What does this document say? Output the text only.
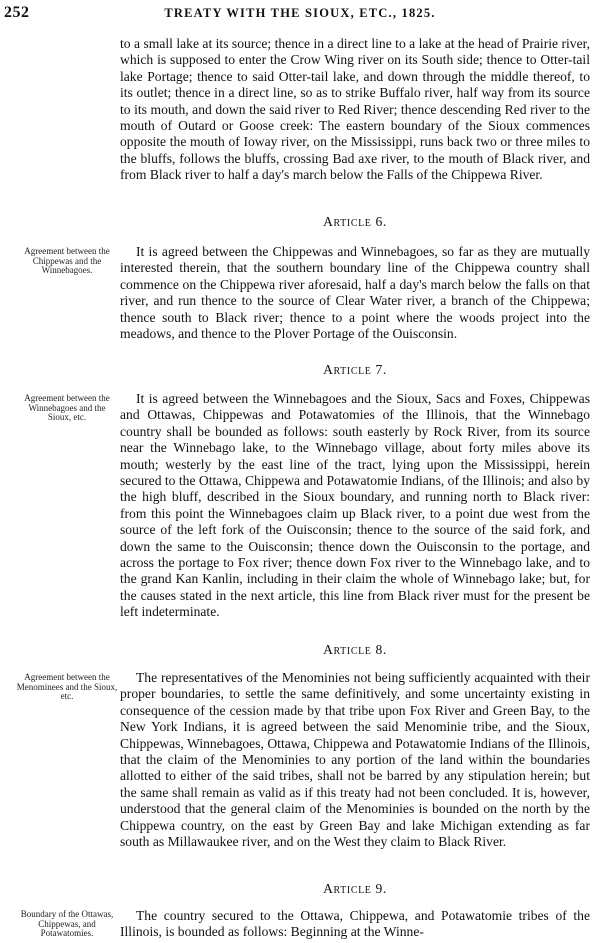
252	TREATY WITH THE SIOUX, ETC., 1825.
to a small lake at its source; thence in a direct line to a lake at the head of Prairie river, which is supposed to enter the Crow Wing river on its South side; thence to Otter-tail lake Portage; thence to said Otter-tail lake, and down through the middle thereof, to its outlet; thence in a direct line, so as to strike Buffalo river, half way from its source to its mouth, and down the said river to Red River; thence descending Red river to the mouth of Outard or Goose creek: The eastern boundary of the Sioux commences opposite the mouth of Ioway river, on the Mississippi, runs back two or three miles to the bluffs, follows the bluffs, crossing Bad axe river, to the mouth of Black river, and from Black river to half a day's march below the Falls of the Chippewa River.
Article 6.
Agreement between the Chippewas and the Winnebagoes.
It is agreed between the Chippewas and Winnebagoes, so far as they are mutually interested therein, that the southern boundary line of the Chippewa country shall commence on the Chippewa river aforesaid, half a day's march below the falls on that river, and run thence to the source of Clear Water river, a branch of the Chippewa; thence south to Black river; thence to a point where the woods project into the meadows, and thence to the Plover Portage of the Ouisconsin.
Article 7.
Agreement between the Winnebagoes and the Sioux, etc.
It is agreed between the Winnebagoes and the Sioux, Sacs and Foxes, Chippewas and Ottawas, Chippewas and Potawatomies of the Illinois, that the Winnebago country shall be bounded as follows: south easterly by Rock River, from its source near the Winnebago lake, to the Winnebago village, about forty miles above its mouth; westerly by the east line of the tract, lying upon the Mississippi, herein secured to the Ottawa, Chippewa and Potawatomie Indians, of the Illinois; and also by the high bluff, described in the Sioux boundary, and running north to Black river: from this point the Winnebagoes claim up Black river, to a point due west from the source of the left fork of the Ouisconsin; thence to the source of the said fork, and down the same to the Ouisconsin; thence down the Ouisconsin to the portage, and across the portage to Fox river; thence down Fox river to the Winnebago lake, and to the grand Kan Kanlin, including in their claim the whole of Winnebago lake; but, for the causes stated in the next article, this line from Black river must for the present be left indeterminate.
Article 8.
Agreement between the Menominees and the Sioux, etc.
The representatives of the Menominies not being sufficiently acquainted with their proper boundaries, to settle the same definitively, and some uncertainty existing in consequence of the cession made by that tribe upon Fox River and Green Bay, to the New York Indians, it is agreed between the said Menominie tribe, and the Sioux, Chippewas, Winnebagoes, Ottawa, Chippewa and Potawatomie Indians of the Illinois, that the claim of the Menominies to any portion of the land within the boundaries allotted to either of the said tribes, shall not be barred by any stipulation herein; but the same shall remain as valid as if this treaty had not been concluded. It is, however, understood that the general claim of the Menominies is bounded on the north by the Chippewa country, on the east by Green Bay and lake Michigan extending as far south as Millawaukee river, and on the West they claim to Black River.
Article 9.
Boundary of the Ottawas, Chippewas, and Potawatomies.
The country secured to the Ottawa, Chippewa, and Potawatomie tribes of the Illinois, is bounded as follows: Beginning at the Winne-
